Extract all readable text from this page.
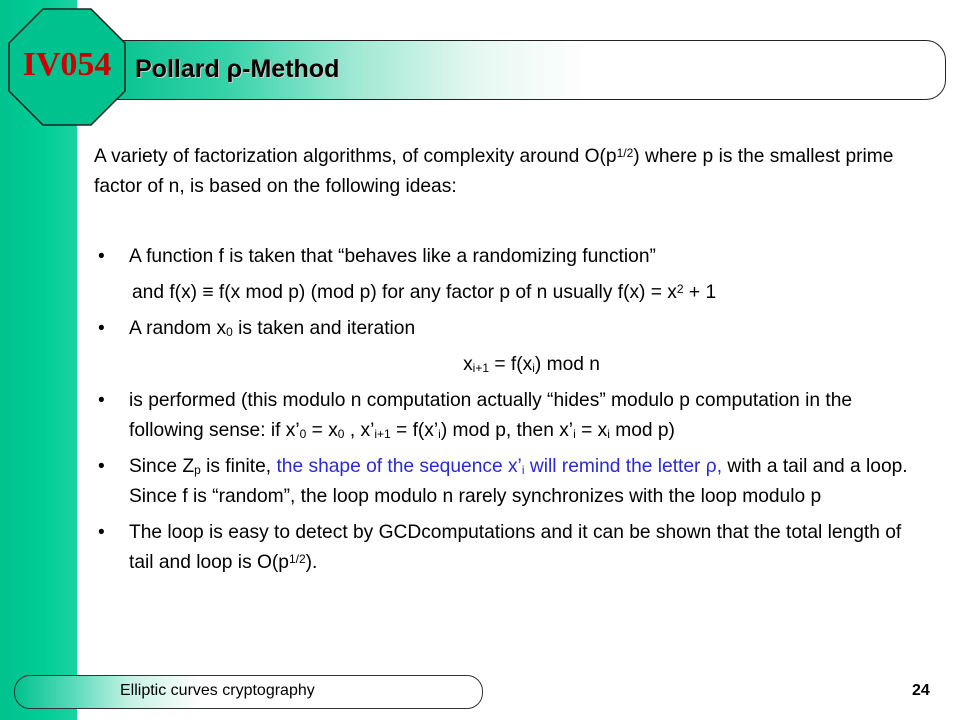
IV054 Pollard ρ-Method

A variety of factorization algorithms, of complexity around $O(p^{1/2})$ where p is the smallest prime factor of n, is based on the following ideas:

• A function f is taken that “behaves like a randomizing function”

and f(x) ≡ f(x mod p) (mod p) for any factor p of n usually $f(x) = x^2 + 1$

• A random $x_0$ is taken and iteration

$x_{i+1} = f(x_i)$ mod n

• is performed (this modulo n computation actually “hides” modulo p computation in the following sense: if $x’_0 = x_0$ , $x’_{i+1}$ = $f(x’_i)$ mod p, then $x’_i = x_i$ mod p)

• Since $Z_p$ is finite, the shape of the sequence $x’_i$ will remind the letter ρ, with a tail and a loop. Since f is “random”, the loop modulo n rarely synchronizes with the loop modulo p

• The loop is easy to detect by GCDcomputations and it can be shown that the total length of tail and loop is $O(p^{1/2})$.

Elliptic curves cryptography	24
